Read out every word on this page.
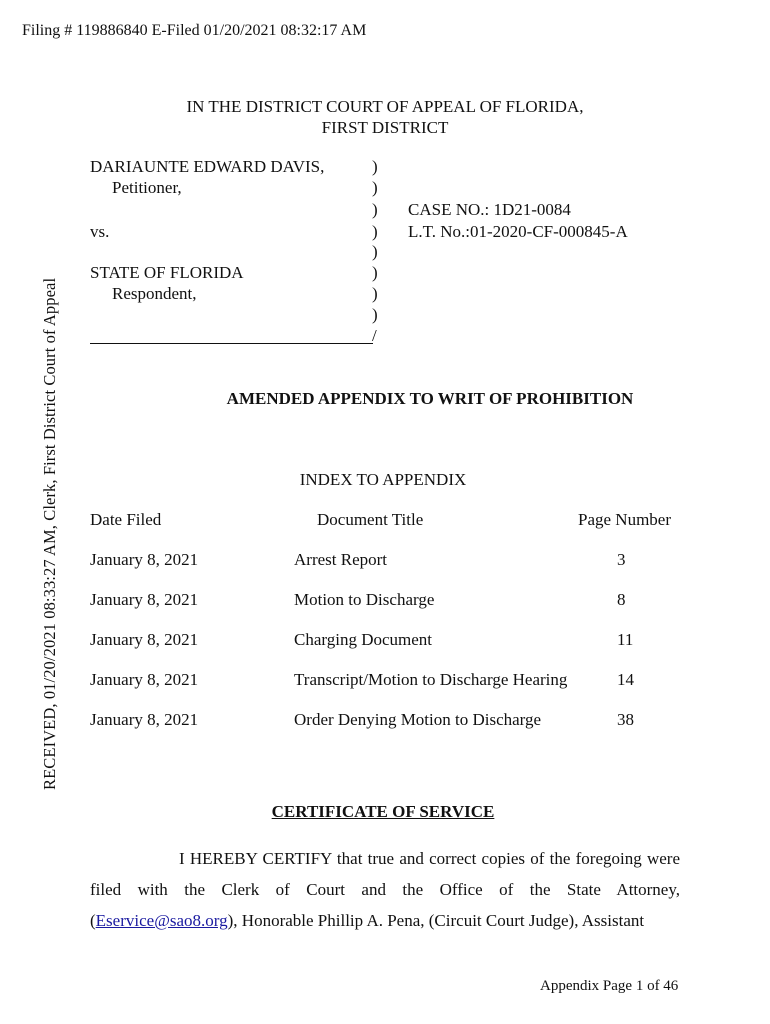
Filing # 119886840 E-Filed 01/20/2021 08:32:17 AM
RECEIVED, 01/20/2021 08:33:27 AM, Clerk, First District Court of Appeal
IN THE DISTRICT COURT OF APPEAL OF FLORIDA,
FIRST DISTRICT
DARIAUNTE EDWARD DAVIS,
Petitioner,
vs.
STATE OF FLORIDA
Respondent,
)
)
)
)
)
)
)
)
/
CASE NO.: 1D21-0084
L.T. No.:01-2020-CF-000845-A
AMENDED APPENDIX TO WRIT OF PROHIBITION
INDEX TO APPENDIX
Date Filed	Document Title	Page Number
January 8, 2021	Arrest Report	3
January 8, 2021	Motion to Discharge	8
January 8, 2021	Charging Document	11
January 8, 2021	Transcript/Motion to Discharge Hearing	14
January 8, 2021	Order Denying Motion to Discharge	38
CERTIFICATE OF SERVICE
I HEREBY CERTIFY that true and correct copies of the foregoing were filed with the Clerk of Court and the Office of the State Attorney, (Eservice@sao8.org), Honorable Phillip A. Pena, (Circuit Court Judge), Assistant
Appendix Page 1 of 46
